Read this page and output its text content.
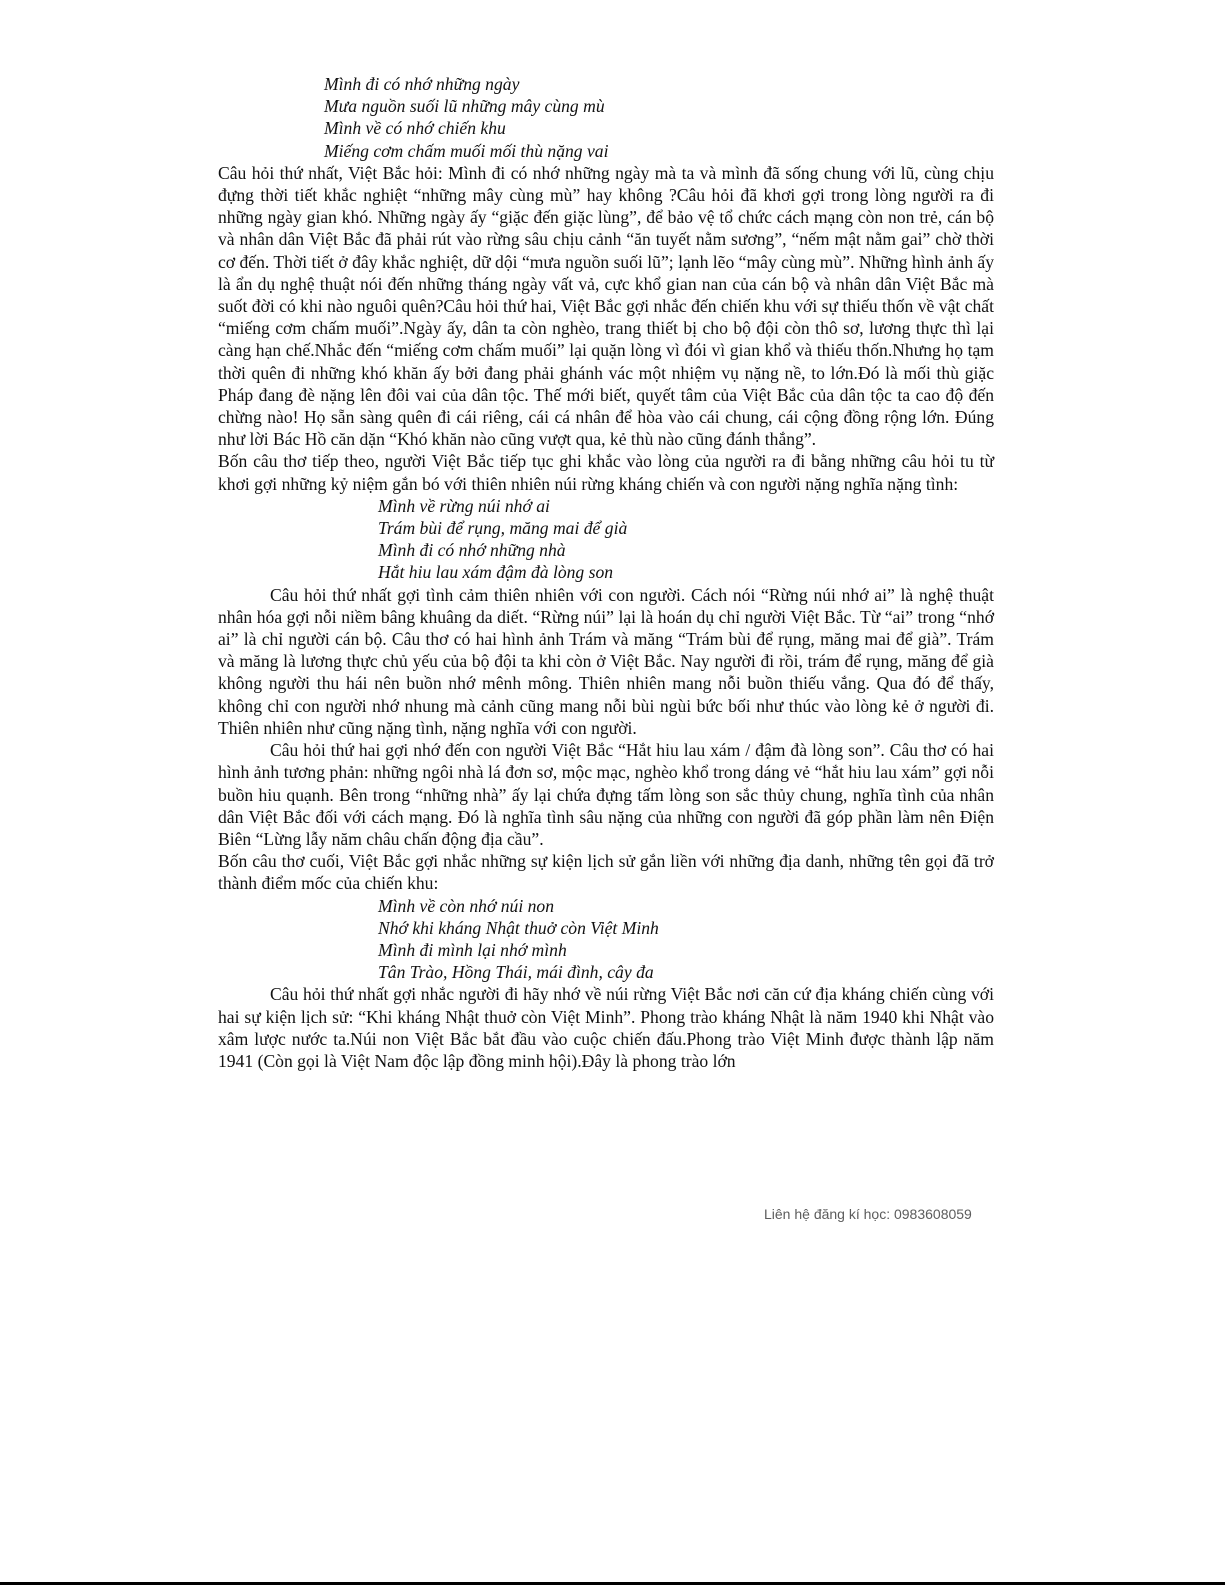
Mình đi có nhớ những ngày
Mưa nguồn suối lũ những mây cùng mù
Mình về có nhớ chiến khu
Miếng cơm chấm muối mối thù nặng vai

Câu hỏi thứ nhất, Việt Bắc hỏi: Mình đi có nhớ những ngày mà ta và mình đã sống chung với lũ, cùng chịu đựng thời tiết khắc nghiệt “những mây cùng mù” hay không ?Câu hỏi đã khơi gợi trong lòng người ra đi những ngày gian khó. Những ngày ấy “giặc đến giặc lùng”, để bảo vệ tổ chức cách mạng còn non trẻ, cán bộ và nhân dân Việt Bắc đã phải rút vào rừng sâu chịu cảnh “ăn tuyết nằm sương”, “nếm mật nằm gai” chờ thời cơ đến. Thời tiết ở đây khắc nghiệt, dữ dội “mưa nguồn suối lũ”; lạnh lẽo “mây cùng mù”. Những hình ảnh ấy là ẩn dụ nghệ thuật nói đến những tháng ngày vất vả, cực khổ gian nan của cán bộ và nhân dân Việt Bắc mà suốt đời có khi nào nguôi quên?Câu hỏi thứ hai, Việt Bắc gợi nhắc đến chiến khu với sự thiếu thốn về vật chất “miếng cơm chấm muối”.Ngày ấy, dân ta còn nghèo, trang thiết bị cho bộ đội còn thô sơ, lương thực thì lại càng hạn chế.Nhắc đến “miếng cơm chấm muối” lại quặn lòng vì đói vì gian khổ và thiếu thốn.Nhưng họ tạm thời quên đi những khó khăn ấy bởi đang phải ghánh vác một nhiệm vụ nặng nề, to lớn.Đó là mối thù giặc Pháp đang đè nặng lên đôi vai của dân tộc. Thế mới biết, quyết tâm của Việt Bắc của dân tộc ta cao độ đến chừng nào! Họ sẵn sàng quên đi cái riêng, cái cá nhân để hòa vào cái chung, cái cộng đồng rộng lớn. Đúng như lời Bác Hồ căn dặn “Khó khăn nào cũng vượt qua, kẻ thù nào cũng đánh thắng”.

Bốn câu thơ tiếp theo, người Việt Bắc tiếp tục ghi khắc vào lòng của người ra đi bằng những câu hỏi tu từ khơi gợi những kỷ niệm gắn bó với thiên nhiên núi rừng kháng chiến và con người nặng nghĩa nặng tình:

Mình về rừng núi nhớ ai
Trám bùi để rụng, măng mai để già
Mình đi có nhớ những nhà
Hắt hiu lau xám đậm đà lòng son

Câu hỏi thứ nhất gợi tình cảm thiên nhiên với con người. Cách nói “Rừng núi nhớ ai” là nghệ thuật nhân hóa gợi nỗi niềm bâng khuâng da diết. “Rừng núi” lại là hoán dụ chỉ người Việt Bắc. Từ “ai” trong “nhớ ai” là chỉ người cán bộ. Câu thơ có hai hình ảnh Trám và măng “Trám bùi để rụng, măng mai để già”. Trám và măng là lương thực chủ yếu của bộ đội ta khi còn ở Việt Bắc. Nay người đi rồi, trám để rụng, măng để già không người thu hái nên buồn nhớ mênh mông. Thiên nhiên mang nỗi buồn thiếu vắng. Qua đó để thấy, không chỉ con người nhớ nhung mà cảnh cũng mang nỗi bùi ngùi bức bối như thúc vào lòng kẻ ở người đi. Thiên nhiên như cũng nặng tình, nặng nghĩa với con người.

Câu hỏi thứ hai gợi nhớ đến con người Việt Bắc “Hắt hiu lau xám / đậm đà lòng son”. Câu thơ có hai hình ảnh tương phản: những ngôi nhà lá đơn sơ, mộc mạc, nghèo khổ trong dáng vẻ “hắt hiu lau xám” gợi nỗi buồn hiu quạnh. Bên trong “những nhà” ấy lại chứa đựng tấm lòng son sắc thủy chung, nghĩa tình của nhân dân Việt Bắc đối với cách mạng. Đó là nghĩa tình sâu nặng của những con người đã góp phần làm nên Điện Biên “Lừng lẫy năm châu chấn động địa cầu”.

Bốn câu thơ cuối, Việt Bắc gợi nhắc những sự kiện lịch sử gắn liền với những địa danh, những tên gọi đã trở thành điểm mốc của chiến khu:

Mình về còn nhớ núi non
Nhớ khi kháng Nhật thuở còn Việt Minh
Mình đi mình lại nhớ mình
Tân Trào, Hồng Thái, mái đình, cây đa

Câu hỏi thứ nhất gợi nhắc người đi hãy nhớ về núi rừng Việt Bắc nơi căn cứ địa kháng chiến cùng với hai sự kiện lịch sử: “Khi kháng Nhật thuở còn Việt Minh”. Phong trào kháng Nhật là năm 1940 khi Nhật vào xâm lược nước ta.Núi non Việt Bắc bắt đầu vào cuộc chiến đấu.Phong trào Việt Minh được thành lập năm 1941 (Còn gọi là Việt Nam độc lập đồng minh hội).Đây là phong trào lớn

Liên hệ đăng kí học: 0983608059
